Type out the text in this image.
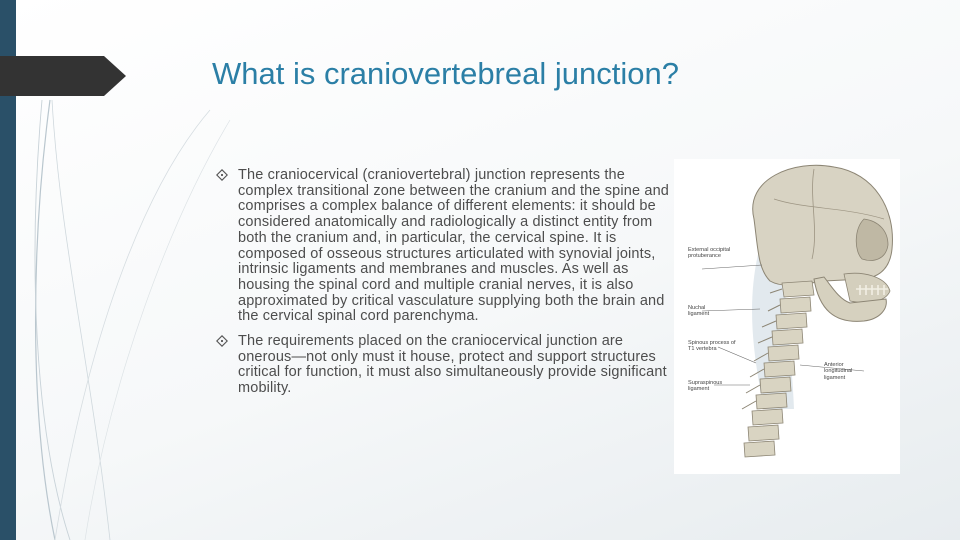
What is craniovertebreal junction?
The craniocervical (craniovertebral) junction represents the complex transitional zone between the cranium and the spine and comprises a complex balance of different elements: it should be considered anatomically and radiologically a distinct entity from both the cranium and, in particular, the cervical spine. It is composed of osseous structures articulated with synovial joints, intrinsic ligaments and membranes and muscles. As well as housing the spinal cord and multiple cranial nerves, it is also approximated by critical vasculature supplying both the brain and the cervical spinal cord parenchyma.
The requirements placed on the craniocervical junction are onerous—not only must it house, protect and support structures critical for function, it must also simultaneously provide significant mobility.
External occipital protuberance
Nuchal ligament
Spinous process of T1 vertebra
Supraspinous ligament
Anterior longitudinal ligament
